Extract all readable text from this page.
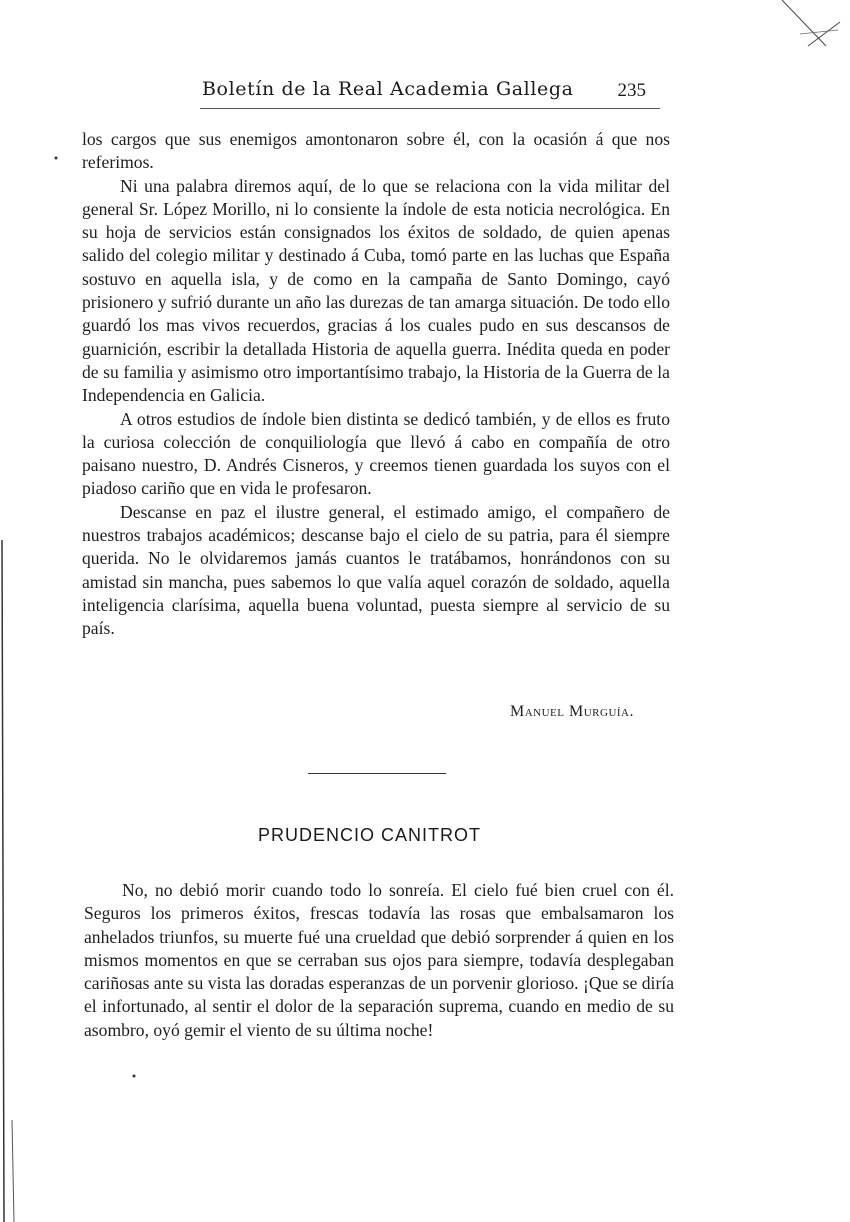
Boletín de la Real Academia Gallega 235

los cargos que sus enemigos amontonaron sobre él, con la ocasión á que nos referimos.

Ni una palabra diremos aquí, de lo que se relaciona con la vida militar del general Sr. López Morillo, ni lo consiente la índole de esta noticia necrológica. En su hoja de servicios están consignados los éxitos de soldado, de quien apenas salido del colegio militar y destinado á Cuba, tomó parte en las luchas que España sostuvo en aquella isla, y de como en la campaña de Santo Domingo, cayó prisionero y sufrió durante un año las durezas de tan amarga situación. De todo ello guardó los mas vivos recuerdos, gracias á los cuales pudo en sus descansos de guarnición, escribir la detallada Historia de aquella guerra. Inédita queda en poder de su familia y asimismo otro importantísimo trabajo, la Historia de la Guerra de la Independencia en Galicia.

A otros estudios de índole bien distinta se dedicó también, y de ellos es fruto la curiosa colección de conquiliología que llevó á cabo en compañía de otro paisano nuestro, D. Andrés Cisneros, y creemos tienen guardada los suyos con el piadoso cariño que en vida le profesaron.

Descanse en paz el ilustre general, el estimado amigo, el compañero de nuestros trabajos académicos; descanse bajo el cielo de su patria, para él siempre querida. No le olvidaremos jamás cuantos le tratábamos, honrándonos con su amistad sin mancha, pues sabemos lo que valía aquel corazón de soldado, aquella inteligencia clarísima, aquella buena voluntad, puesta siempre al servicio de su país.

Manuel Murguía.
PRUDENCIO CANITROT

No, no debió morir cuando todo lo sonreía. El cielo fué bien cruel con él. Seguros los primeros éxitos, frescas todavía las rosas que embalsamaron los anhelados triunfos, su muerte fué una crueldad que debió sorprender á quien en los mismos momentos en que se cerraban sus ojos para siempre, todavía desplegaban cariñosas ante su vista las doradas esperanzas de un porvenir glorioso. ¡Que se diría el infortunado, al sentir el dolor de la separación suprema, cuando en medio de su asombro, oyó gemir el viento de su última noche!
